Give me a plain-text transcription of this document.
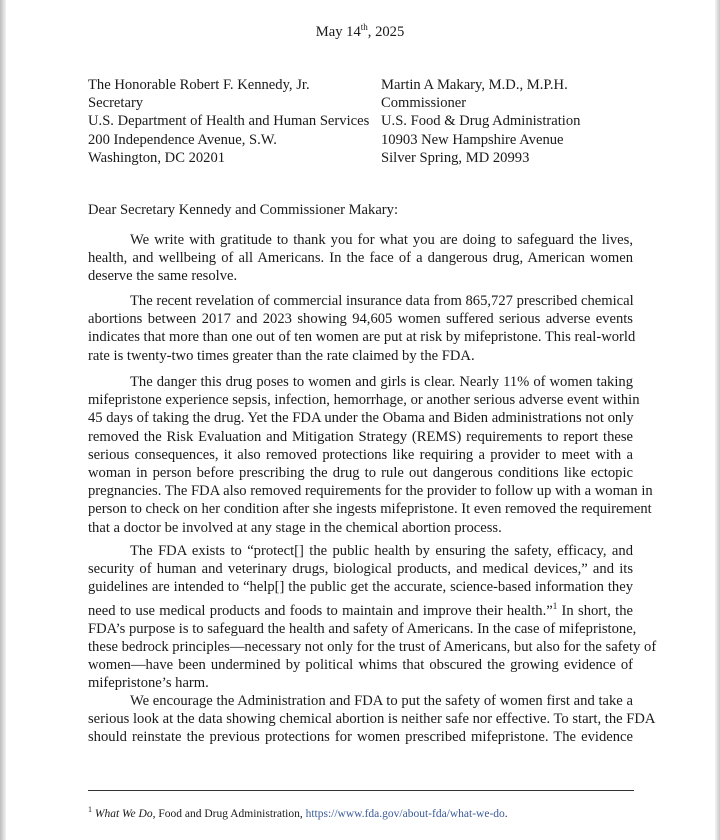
May 14th, 2025
The Honorable Robert F. Kennedy, Jr.
Secretary
U.S. Department of Health and Human Services
200 Independence Avenue, S.W.
Washington, DC 20201
Martin A Makary, M.D., M.P.H.
Commissioner
U.S. Food & Drug Administration
10903 New Hampshire Avenue
Silver Spring, MD 20993
Dear Secretary Kennedy and Commissioner Makary:
We write with gratitude to thank you for what you are doing to safeguard the lives,
health, and wellbeing of all Americans. In the face of a dangerous drug, American women
deserve the same resolve.
The recent revelation of commercial insurance data from 865,727 prescribed chemical
abortions between 2017 and 2023 showing 94,605 women suffered serious adverse events
indicates that more than one out of ten women are put at risk by mifepristone. This real-world
rate is twenty-two times greater than the rate claimed by the FDA.
The danger this drug poses to women and girls is clear. Nearly 11% of women taking
mifepristone experience sepsis, infection, hemorrhage, or another serious adverse event within
45 days of taking the drug. Yet the FDA under the Obama and Biden administrations not only
removed the Risk Evaluation and Mitigation Strategy (REMS) requirements to report these
serious consequences, it also removed protections like requiring a provider to meet with a
woman in person before prescribing the drug to rule out dangerous conditions like ectopic
pregnancies. The FDA also removed requirements for the provider to follow up with a woman in
person to check on her condition after she ingests mifepristone. It even removed the requirement
that a doctor be involved at any stage in the chemical abortion process.
The FDA exists to “protect[] the public health by ensuring the safety, efficacy, and
security of human and veterinary drugs, biological products, and medical devices,” and its
guidelines are intended to “help[] the public get the accurate, science-based information they
need to use medical products and foods to maintain and improve their health.”$^1$ In short, the
FDA’s purpose is to safeguard the health and safety of Americans. In the case of mifepristone,
these bedrock principles—necessary not only for the trust of Americans, but also for the safety of
women—have been undermined by political whims that obscured the growing evidence of
mifepristone’s harm.
We encourage the Administration and FDA to put the safety of women first and take a
serious look at the data showing chemical abortion is neither safe nor effective. To start, the FDA
should reinstate the previous protections for women prescribed mifepristone. The evidence
$^1$ What We Do, Food and Drug Administration, https://www.fda.gov/about-fda/what-we-do.
